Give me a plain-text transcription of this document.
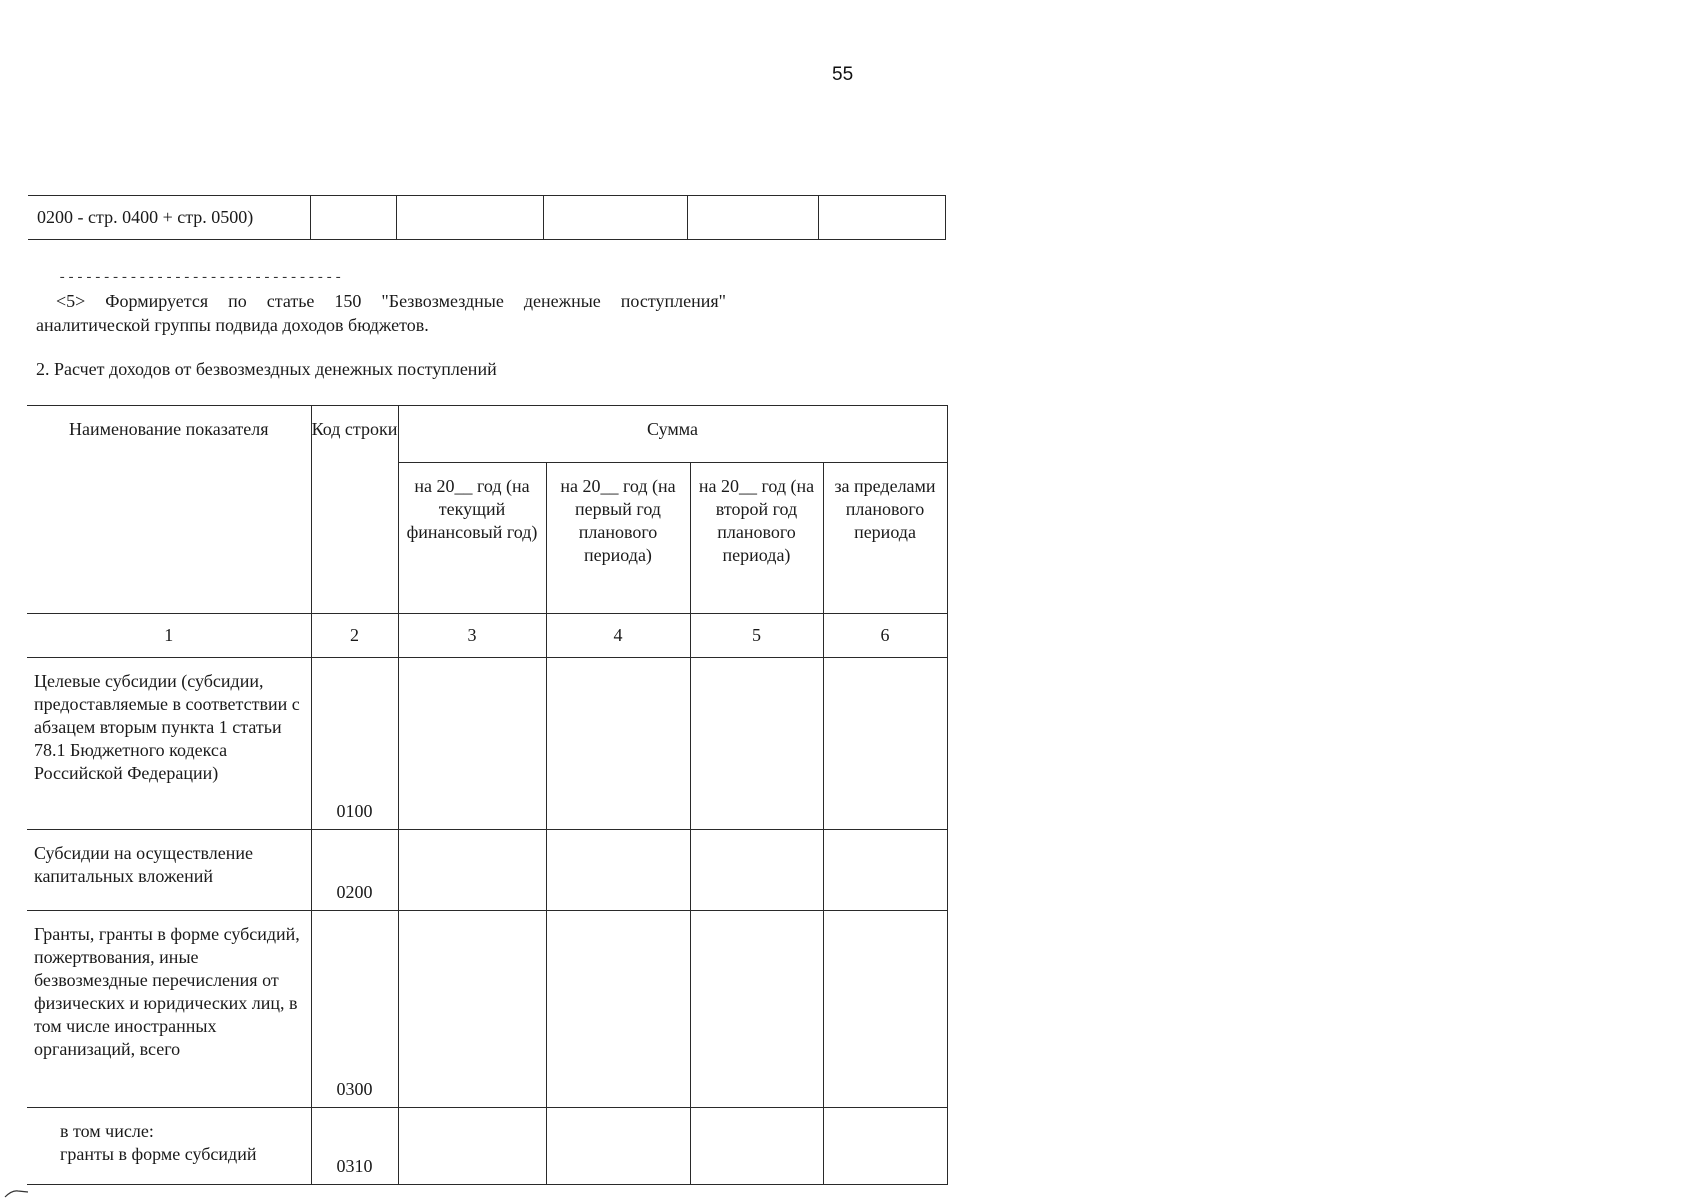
55
0200 - стр. 0400 + стр. 0500)					
--------------------------------
<5> Формируется по статье 150 "Безвозмездные денежные поступления"
аналитической группы подвида доходов бюджетов.
2. Расчет доходов от безвозмездных денежных поступлений
Наименование показателя	Код строки	Сумма			
		на 20__ год (на текущий финансовый год)	на 20__ год (на первый год планового периода)	на 20__ год (на второй год планового периода)	за пределами планового периода
1	2	3	4	5	6
Целевые субсидии (субсидии, предоставляемые в соответствии с абзацем вторым пункта 1 статьи 78.1 Бюджетного кодекса Российской Федерации)	0100				
Субсидии на осуществление капитальных вложений	0200				
Гранты, гранты в форме субсидий, пожертвования, иные безвозмездные перечисления от физических и юридических лиц, в том числе иностранных организаций, всего	0300				

в том числе:
гранты в форме субсидий	0310				
